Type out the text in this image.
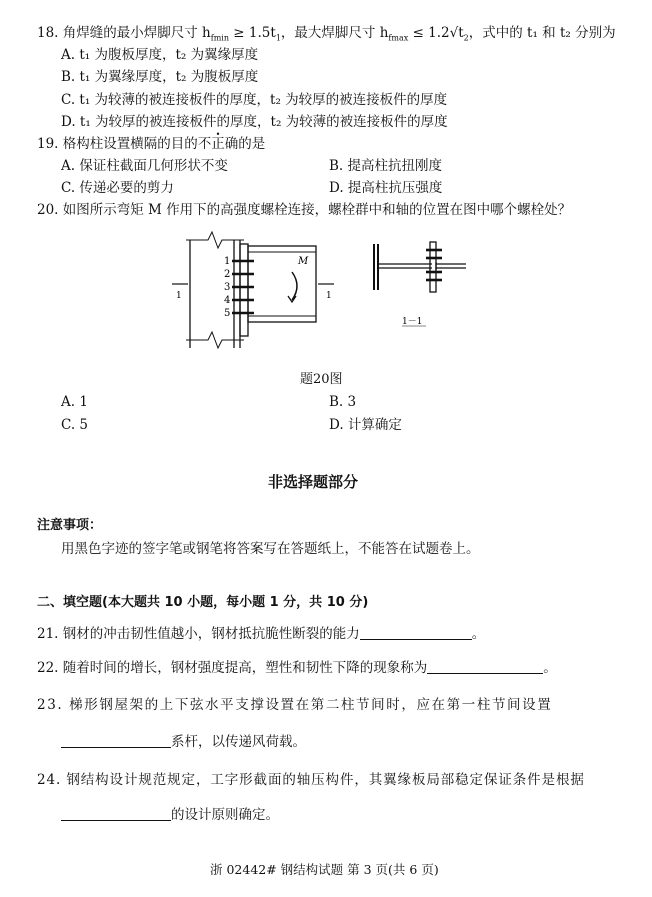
18. 角焊缝的最小焊脚尺寸 $h_{fmin} \ge 1.5t_1$，最大焊脚尺寸 $h_{fmax} \le 1.2√t_2$，式中的 t₁ 和 t₂ 分别为
A. t₁ 为腹板厚度，t₂ 为翼缘厚度
B. t₁ 为翼缘厚度，t₂ 为腹板厚度
C. t₁ 为较薄的被连接板件的厚度，t₂ 为较厚的被连接板件的厚度
D. t₁ 为较厚的被连接板件的厚度，t₂ 为较薄的被连接板件的厚度
19. 格构柱设置横隔的目的不正确的是
A. 保证柱截面几何形状不变	B. 提高柱抗扭刚度
C. 传递必要的剪力	D. 提高柱抗压强度
20. 如图所示弯矩 M 作用下的高强度螺栓连接，螺栓群中和轴的位置在图中哪个螺栓处？
1
2
3
4
5
M
1	1
1－1
题20图
A. 1	B. 3
C. 5	D. 计算确定
非选择题部分
注意事项：
用黑色字迹的签字笔或钢笔将答案写在答题纸上，不能答在试题卷上。
二、填空题(本大题共 10 小题，每小题 1 分，共 10 分)
21. 钢材的冲击韧性值越小，钢材抵抗脆性断裂的能力	。
22. 随着时间的增长，钢材强度提高，塑性和韧性下降的现象称为	。
23. 梯形钢屋架的上下弦水平支撑设置在第二柱节间时，应在第一柱节间设置
系杆，以传递风荷载。
24. 钢结构设计规范规定，工字形截面的轴压构件，其翼缘板局部稳定保证条件是根据
的设计原则确定。
浙 02442# 钢结构试题 第 3 页(共 6 页)
